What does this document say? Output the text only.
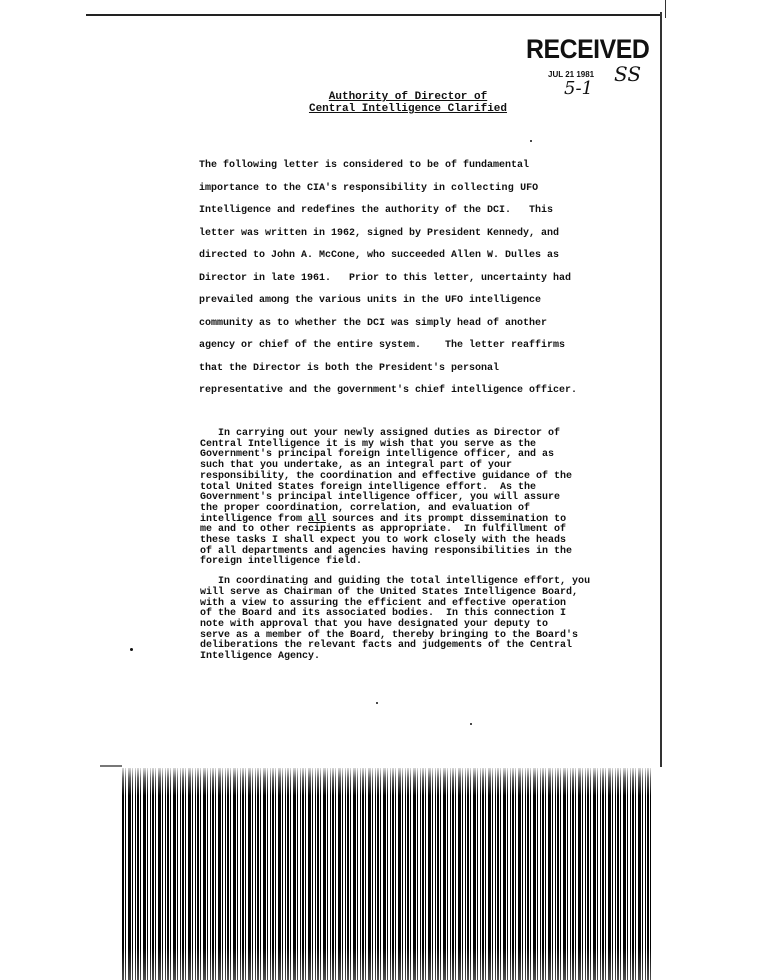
RECEIVED
JUL 21 1981 SS
5-1
Authority of Director of
Central Intelligence Clarified

The following letter is considered to be of fundamental

importance to the CIA's responsibility in collecting UFO

Intelligence and redefines the authority of the DCI.   This

letter was written in 1962, signed by President Kennedy, and

directed to John A. McCone, who succeeded Allen W. Dulles as

Director in late 1961.   Prior to this letter, uncertainty had

prevailed among the various units in the UFO intelligence

community as to whether the DCI was simply head of another

agency or chief of the entire system.    The letter reaffirms

that the Director is both the President's personal

representative and the government's chief intelligence officer.

In carrying out your newly assigned duties as Director of
Central Intelligence it is my wish that you serve as the
Government's principal foreign intelligence officer, and as
such that you undertake, as an integral part of your
responsibility, the coordination and effective guidance of the
total United States foreign intelligence effort.  As the
Government's principal intelligence officer, you will assure
the proper coordination, correlation, and evaluation of
intelligence from all sources and its prompt dissemination to
me and to other recipients as appropriate.  In fulfillment of
these tasks I shall expect you to work closely with the heads
of all departments and agencies having responsibilities in the
foreign intelligence field.
In coordinating and guiding the total intelligence effort, you
will serve as Chairman of the United States Intelligence Board,
with a view to assuring the efficient and effective operation
of the Board and its associated bodies.  In this connection I
note with approval that you have designated your deputy to
serve as a member of the Board, thereby bringing to the Board's
deliberations the relevant facts and judgements of the Central
Intelligence Agency.
